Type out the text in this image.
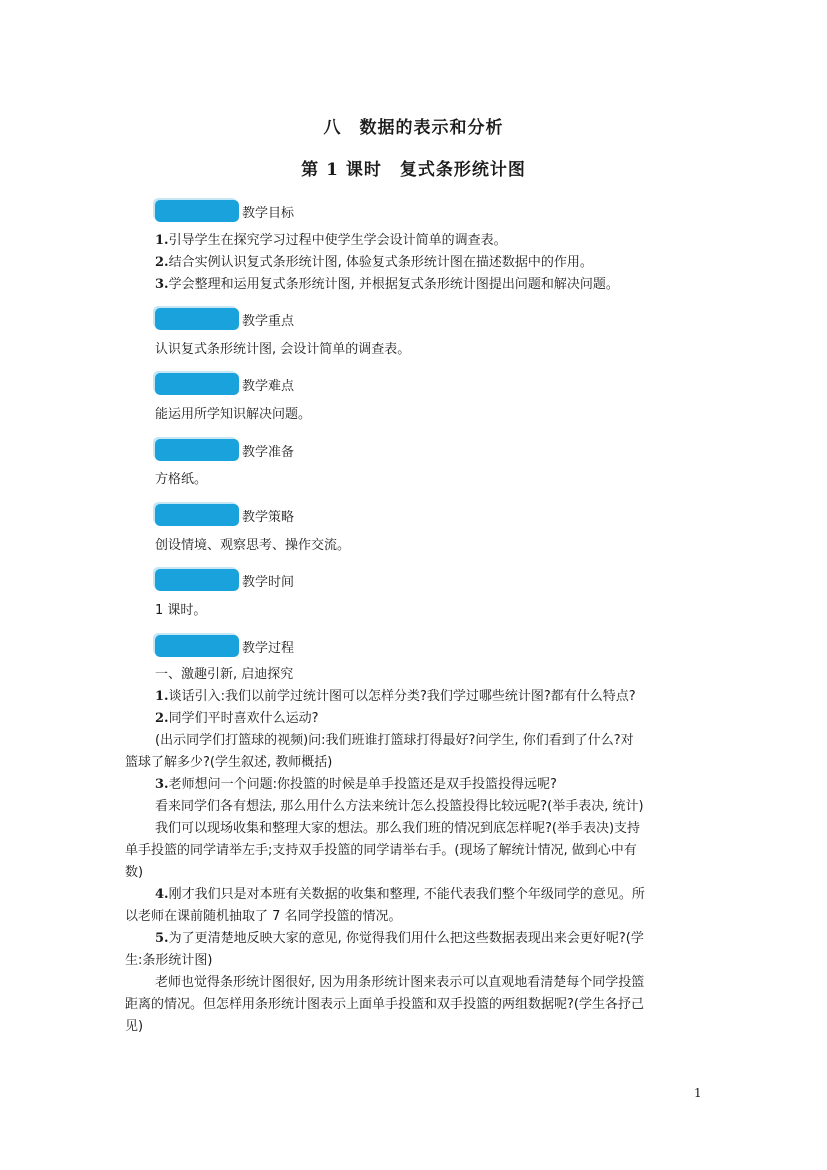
八　数据的表示和分析
第 1 课时　复式条形统计图
教学目标
1.引导学生在探究学习过程中使学生学会设计简单的调查表。
2.结合实例认识复式条形统计图, 体验复式条形统计图在描述数据中的作用。
3.学会整理和运用复式条形统计图, 并根据复式条形统计图提出问题和解决问题。
教学重点
认识复式条形统计图, 会设计简单的调查表。
教学难点
能运用所学知识解决问题。
教学准备
方格纸。
教学策略
创设情境、观察思考、操作交流。
教学时间
1 课时。
教学过程
一、激趣引新, 启迪探究
1.谈话引入:我们以前学过统计图可以怎样分类?我们学过哪些统计图?都有什么特点?
2.同学们平时喜欢什么运动?
(出示同学们打篮球的视频)问:我们班谁打篮球打得最好?问学生, 你们看到了什么?对
篮球了解多少?(学生叙述, 教师概括)
3.老师想问一个问题:你投篮的时候是单手投篮还是双手投篮投得远呢?
看来同学们各有想法, 那么用什么方法来统计怎么投篮投得比较远呢?(举手表决, 统计)
我们可以现场收集和整理大家的想法。那么我们班的情况到底怎样呢?(举手表决)支持
单手投篮的同学请举左手;支持双手投篮的同学请举右手。(现场了解统计情况, 做到心中有
数)
4.刚才我们只是对本班有关数据的收集和整理, 不能代表我们整个年级同学的意见。所
以老师在课前随机抽取了 7 名同学投篮的情况。
5.为了更清楚地反映大家的意见, 你觉得我们用什么把这些数据表现出来会更好呢?(学
生:条形统计图)
老师也觉得条形统计图很好, 因为用条形统计图来表示可以直观地看清楚每个同学投篮
距离的情况。但怎样用条形统计图表示上面单手投篮和双手投篮的两组数据呢?(学生各抒己
见)
1
